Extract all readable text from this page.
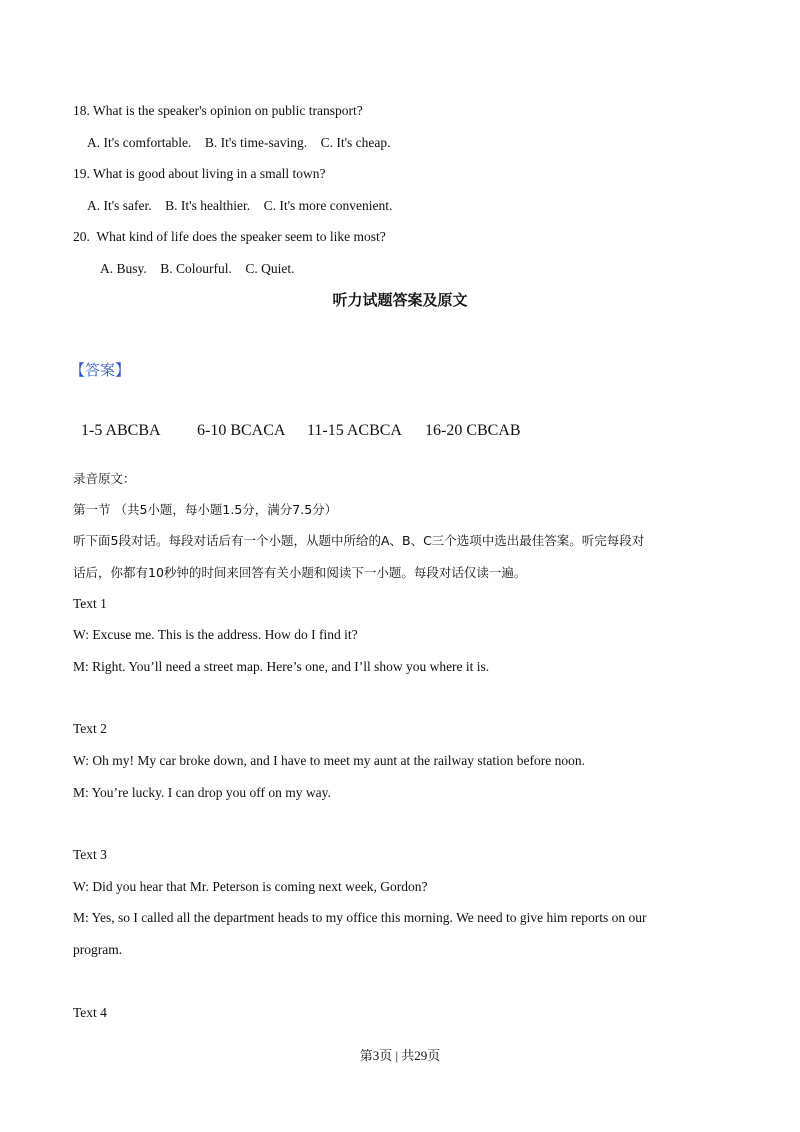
18. What is the speaker's opinion on public transport?
A. It's comfortable.    B. It's time-saving.    C. It's cheap.
19. What is good about living in a small town?
A. It's safer.    B. It's healthier.    C. It's more convenient.
20.  What kind of life does the speaker seem to like most?
A. Busy.    B. Colourful.    C. Quiet.
听力试题答案及原文
【答案】

1-5 ABCBA 6-10 BCACA 11-15 ACBCA 16-20 CBCAB

录音原文：
第一节 （共5小题，每小题1.5分，满分7.5分）
听下面5段对话。每段对话后有一个小题，从题中所给的A、B、C三个选项中选出最佳答案。听完每段对
话后，你都有10秒钟的时间来回答有关小题和阅读下一小题。每段对话仅读一遍。
Text 1
W: Excuse me. This is the address. How do I find it?
M: Right. You’ll need a street map. Here’s one, and I’ll show you where it is.
Text 2
W: Oh my! My car broke down, and I have to meet my aunt at the railway station before noon.
M: You’re lucky. I can drop you off on my way.
Text 3
W: Did you hear that Mr. Peterson is coming next week, Gordon?
M: Yes, so I called all the department heads to my office this morning. We need to give him reports on our
program.
Text 4
第3页 | 共29页
